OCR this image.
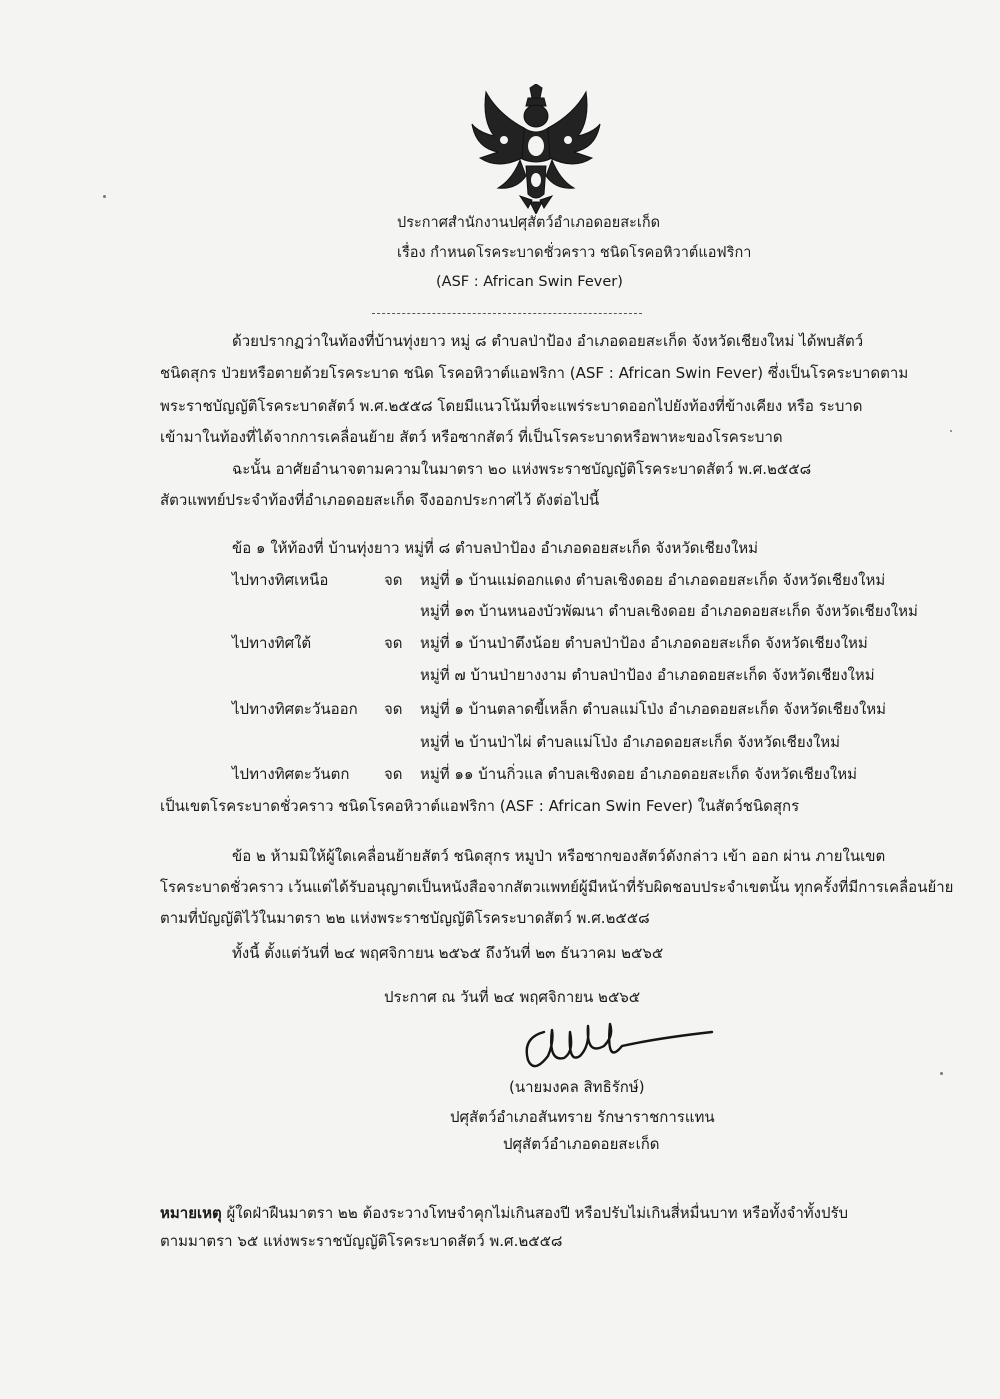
ประกาศสำนักงานปศุสัตว์อำเภอดอยสะเก็ด
เรื่อง กำหนดโรคระบาดชั่วคราว ชนิดโรคอหิวาต์แอฟริกา
(ASF : African Swin Fever)
ด้วยปรากฏว่าในท้องที่บ้านทุ่งยาว หมู่ ๘ ตำบลป่าป้อง อำเภอดอยสะเก็ด จังหวัดเชียงใหม่ ได้พบสัตว์
ชนิดสุกร ป่วยหรือตายด้วยโรคระบาด ชนิด โรคอหิวาต์แอฟริกา (ASF : African Swin Fever) ซึ่งเป็นโรคระบาดตาม
พระราชบัญญัติโรคระบาดสัตว์ พ.ศ.๒๕๕๘ โดยมีแนวโน้มที่จะแพร่ระบาดออกไปยังท้องที่ข้างเคียง หรือ ระบาด
เข้ามาในท้องที่ได้จากการเคลื่อนย้าย สัตว์ หรือซากสัตว์ ที่เป็นโรคระบาดหรือพาหะของโรคระบาด
ฉะนั้น อาศัยอำนาจตามความในมาตรา ๒๐ แห่งพระราชบัญญัติโรคระบาดสัตว์ พ.ศ.๒๕๕๘
สัตวแพทย์ประจำท้องที่อำเภอดอยสะเก็ด จึงออกประกาศไว้ ดังต่อไปนี้
ข้อ ๑ ให้ท้องที่ บ้านทุ่งยาว หมู่ที่ ๘ ตำบลป่าป้อง อำเภอดอยสะเก็ด จังหวัดเชียงใหม่
ไปทางทิศเหนือ	จด หมู่ที่ ๑ บ้านแม่ดอกแดง ตำบลเชิงดอย อำเภอดอยสะเก็ด จังหวัดเชียงใหม่
หมู่ที่ ๑๓ บ้านหนองบัวพัฒนา ตำบลเชิงดอย อำเภอดอยสะเก็ด จังหวัดเชียงใหม่
ไปทางทิศใต้	จด หมู่ที่ ๑ บ้านป่าตึงน้อย ตำบลป่าป้อง อำเภอดอยสะเก็ด จังหวัดเชียงใหม่
หมู่ที่ ๗ บ้านป่ายางงาม ตำบลป่าป้อง อำเภอดอยสะเก็ด จังหวัดเชียงใหม่
ไปทางทิศตะวันออก จด หมู่ที่ ๑ บ้านตลาดขี้เหล็ก ตำบลแม่โป่ง อำเภอดอยสะเก็ด จังหวัดเชียงใหม่
หมู่ที่ ๒ บ้านป่าไผ่ ตำบลแม่โป่ง อำเภอดอยสะเก็ด จังหวัดเชียงใหม่
ไปทางทิศตะวันตก จด หมู่ที่ ๑๑ บ้านกิ่วแล ตำบลเชิงดอย อำเภอดอยสะเก็ด จังหวัดเชียงใหม่
เป็นเขตโรคระบาดชั่วคราว ชนิดโรคอหิวาต์แอฟริกา (ASF : African Swin Fever) ในสัตว์ชนิดสุกร
ข้อ ๒ ห้ามมิให้ผู้ใดเคลื่อนย้ายสัตว์ ชนิดสุกร หมูป่า หรือซากของสัตว์ดังกล่าว เข้า ออก ผ่าน ภายในเขต
โรคระบาดชั่วคราว เว้นแต่ได้รับอนุญาตเป็นหนังสือจากสัตวแพทย์ผู้มีหน้าที่รับผิดชอบประจำเขตนั้น ทุกครั้งที่มีการเคลื่อนย้าย
ตามที่บัญญัติไว้ในมาตรา ๒๒ แห่งพระราชบัญญัติโรคระบาดสัตว์ พ.ศ.๒๕๕๘
ทั้งนี้ ตั้งแต่วันที่ ๒๔ พฤศจิกายน ๒๕๖๕ ถึงวันที่ ๒๓ ธันวาคม ๒๕๖๕
ประกาศ ณ วันที่ ๒๔ พฤศจิกายน ๒๕๖๕
(นายมงคล สิทธิรักษ์)
ปศุสัตว์อำเภอสันทราย รักษาราชการแทน
ปศุสัตว์อำเภอดอยสะเก็ด
หมายเหตุ ผู้ใดฝ่าฝืนมาตรา ๒๒ ต้องระวางโทษจำคุกไม่เกินสองปี หรือปรับไม่เกินสี่หมื่นบาท หรือทั้งจำทั้งปรับ
ตามมาตรา ๖๕ แห่งพระราชบัญญัติโรคระบาดสัตว์ พ.ศ.๒๕๕๘
